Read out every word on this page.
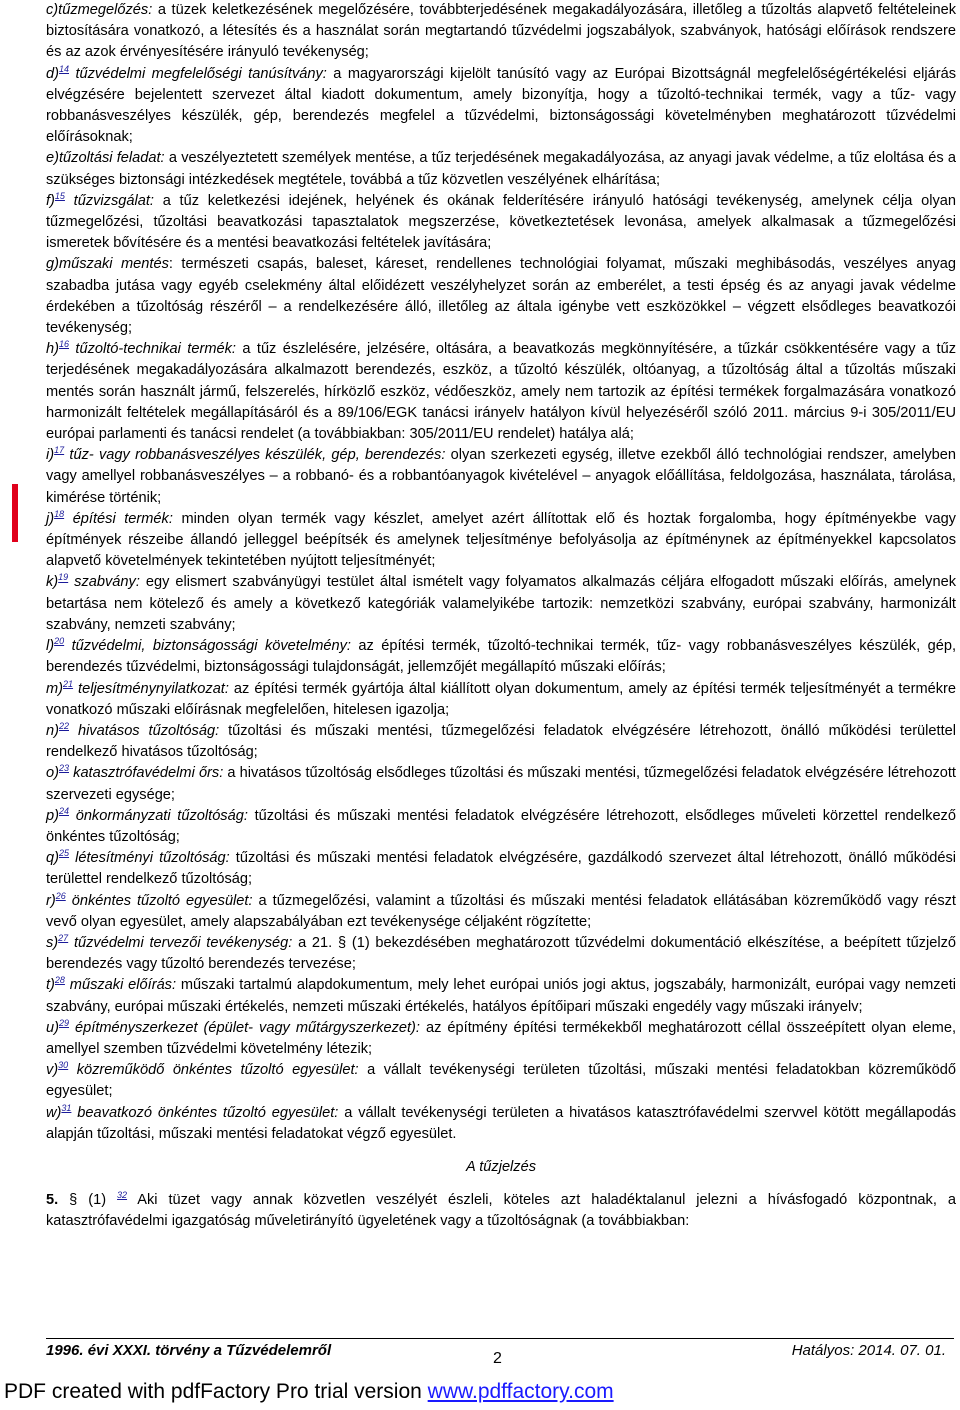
c)tűzmegelőzés: a tüzek keletkezésének megelőzésére, továbbterjedésének megakadályozására, illetőleg a tűzoltás alapvető feltételeinek biztosítására vonatkozó, a létesítés és a használat során megtartandó tűzvédelmi jogszabályok, szabványok, hatósági előírások rendszere és az azok érvényesítésére irányuló tevékenység;

d)$^{14}$ tűzvédelmi megfelelőségi tanúsítvány: a magyarországi kijelölt tanúsító vagy az Európai Bizottságnál megfelelőségértékelési eljárás elvégzésére bejelentett szervezet által kiadott dokumentum, amely bizonyítja, hogy a tűzoltó-technikai termék, vagy a tűz- vagy robbanásveszélyes készülék, gép, berendezés megfelel a tűzvédelmi, biztonságossági követelményben meghatározott tűzvédelmi előírásoknak;

e)tűzoltási feladat: a veszélyeztetett személyek mentése, a tűz terjedésének megakadályozása, az anyagi javak védelme, a tűz eloltása és a szükséges biztonsági intézkedések megtétele, továbbá a tűz közvetlen veszélyének elhárítása;

f)$^{15}$ tűzvizsgálat: a tűz keletkezési idejének, helyének és okának felderítésére irányuló hatósági tevékenység, amelynek célja olyan tűzmegelőzési, tűzoltási beavatkozási tapasztalatok megszerzése, következtetések levonása, amelyek alkalmasak a tűzmegelőzési ismeretek bővítésére és a mentési beavatkozási feltételek javítására;

g)műszaki mentés: természeti csapás, baleset, káreset, rendellenes technológiai folyamat, műszaki meghibásodás, veszélyes anyag szabadba jutása vagy egyéb cselekmény által előidézett veszélyhelyzet során az emberélet, a testi épség és az anyagi javak védelme érdekében a tűzoltóság részéről – a rendelkezésére álló, illetőleg az általa igénybe vett eszközökkel – végzett elsődleges beavatkozói tevékenység;

h)$^{16}$ tűzoltó-technikai termék: a tűz észlelésére, jelzésére, oltására, a beavatkozás megkönnyítésére, a tűzkár csökkentésére vagy a tűz terjedésének megakadályozására alkalmazott berendezés, eszköz, a tűzoltó készülék, oltóanyag, a tűzoltóság által a tűzoltás műszaki mentés során használt jármű, felszerelés, hírközlő eszköz, védőeszköz, amely nem tartozik az építési termékek forgalmazására vonatkozó harmonizált feltételek megállapításáról és a 89/106/EGK tanácsi irányelv hatályon kívül helyezéséről szóló 2011. március 9-i 305/2011/EU európai parlamenti és tanácsi rendelet (a továbbiakban: 305/2011/EU rendelet) hatálya alá;

i)$^{17}$ tűz- vagy robbanásveszélyes készülék, gép, berendezés: olyan szerkezeti egység, illetve ezekből álló technológiai rendszer, amelyben vagy amellyel robbanásveszélyes – a robbanó- és a robbantóanyagok kivételével – anyagok előállítása, feldolgozása, használata, tárolása, kimérése történik;

j)$^{18}$ építési termék: minden olyan termék vagy készlet, amelyet azért állítottak elő és hoztak forgalomba, hogy építményekbe vagy építmények részeibe állandó jelleggel beépítsék és amelynek teljesítménye befolyásolja az építménynek az építményekkel kapcsolatos alapvető követelmények tekintetében nyújtott teljesítményét;

k)$^{19}$ szabvány: egy elismert szabványügyi testület által ismételt vagy folyamatos alkalmazás céljára elfogadott műszaki előírás, amelynek betartása nem kötelező és amely a következő kategóriák valamelyikébe tartozik: nemzetközi szabvány, európai szabvány, harmonizált szabvány, nemzeti szabvány;

l)$^{20}$ tűzvédelmi, biztonságossági követelmény: az építési termék, tűzoltó-technikai termék, tűz- vagy robbanásveszélyes készülék, gép, berendezés tűzvédelmi, biztonságossági tulajdonságát, jellemzőjét megállapító műszaki előírás;

m)$^{21}$ teljesítménynyilatkozat: az építési termék gyártója által kiállított olyan dokumentum, amely az építési termék teljesítményét a termékre vonatkozó műszaki előírásnak megfelelően, hitelesen igazolja;

n)$^{22}$ hivatásos tűzoltóság: tűzoltási és műszaki mentési, tűzmegelőzési feladatok elvégzésére létrehozott, önálló működési területtel rendelkező hivatásos tűzoltóság;

o)$^{23}$ katasztrófavédelmi őrs: a hivatásos tűzoltóság elsődleges tűzoltási és műszaki mentési, tűzmegelőzési feladatok elvégzésére létrehozott szervezeti egysége;

p)$^{24}$ önkormányzati tűzoltóság: tűzoltási és műszaki mentési feladatok elvégzésére létrehozott, elsődleges műveleti körzettel rendelkező önkéntes tűzoltóság;

q)$^{25}$ létesítményi tűzoltóság: tűzoltási és műszaki mentési feladatok elvégzésére, gazdálkodó szervezet által létrehozott, önálló működési területtel rendelkező tűzoltóság;

r)$^{26}$ önkéntes tűzoltó egyesület: a tűzmegelőzési, valamint a tűzoltási és műszaki mentési feladatok ellátásában közreműködő vagy részt vevő olyan egyesület, amely alapszabályában ezt tevékenysége céljaként rögzítette;

s)$^{27}$ tűzvédelmi tervezői tevékenység: a 21. § (1) bekezdésében meghatározott tűzvédelmi dokumentáció elkészítése, a beépített tűzjelző berendezés vagy tűzoltó berendezés tervezése;

t)$^{28}$ műszaki előírás: műszaki tartalmú alapdokumentum, mely lehet európai uniós jogi aktus, jogszabály, harmonizált, európai vagy nemzeti szabvány, európai műszaki értékelés, nemzeti műszaki értékelés, hatályos építőipari műszaki engedély vagy műszaki irányelv;

u)$^{29}$ építményszerkezet (épület- vagy műtárgyszerkezet): az építmény építési termékekből meghatározott céllal összeépített olyan eleme, amellyel szemben tűzvédelmi követelmény létezik;

v)$^{30}$ közreműködő önkéntes tűzoltó egyesület: a vállalt tevékenységi területen tűzoltási, műszaki mentési feladatokban közreműködő egyesület;

w)$^{31}$ beavatkozó önkéntes tűzoltó egyesület: a vállalt tevékenységi területen a hivatásos katasztrófavédelmi szervvel kötött megállapodás alapján tűzoltási, műszaki mentési feladatokat végző egyesület.

A tűzjelzés

5. § (1) $^{32}$ Aki tüzet vagy annak közvetlen veszélyét észleli, köteles azt haladéktalanul jelezni a hívásfogadó központnak, a katasztrófavédelmi igazgatóság műveletirányító ügyeletének vagy a tűzoltóságnak (a továbbiakban:

1996. évi XXXI. törvény a Tűzvédelemről	2	Hatályos: 2014. 07. 01.
PDF created with pdfFactory Pro trial version www.pdffactory.com
